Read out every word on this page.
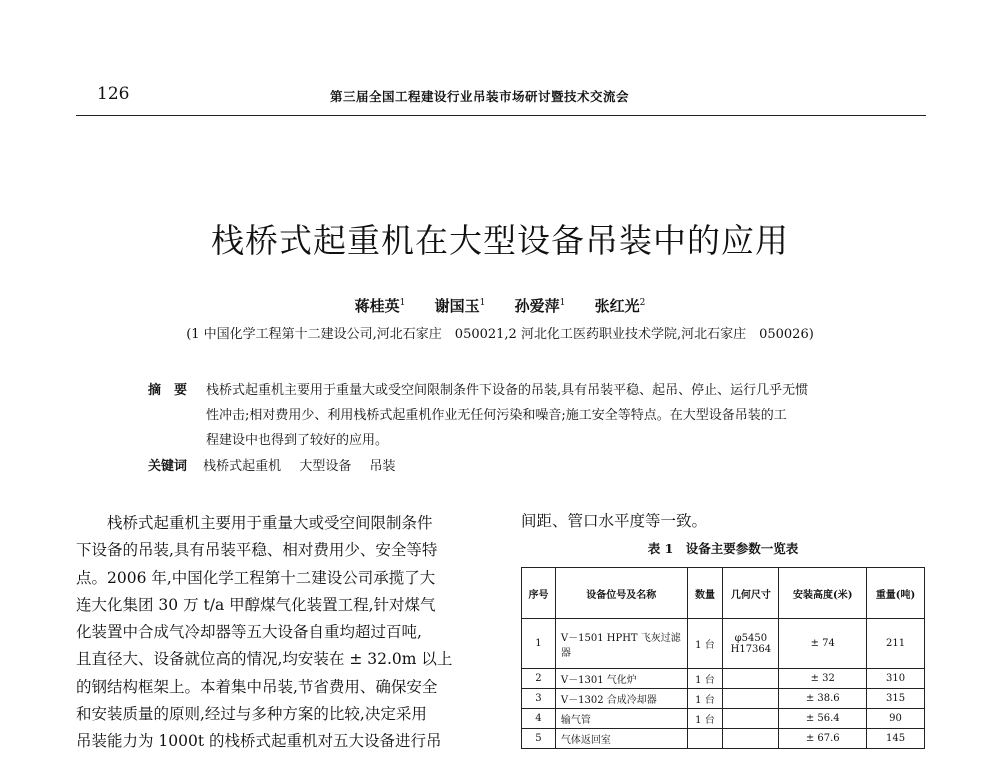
126	第三届全国工程建设行业吊装市场研讨暨技术交流会
栈桥式起重机在大型设备吊装中的应用
蒋桂英$^1$ 谢国玉$^1$ 孙爱萍$^1$ 张红光$^2$
(1 中国化学工程第十二建设公司,河北石家庄　050021,2 河北化工医药职业技术学院,河北石家庄　050026)
摘　要 栈桥式起重机主要用于重量大或受空间限制条件下设备的吊装,具有吊装平稳、起吊、停止、运行几乎无惯
性冲击;相对费用少、利用栈桥式起重机作业无任何污染和噪音;施工安全等特点。在大型设备吊装的工
程建设中也得到了较好的应用。
关键词 栈桥式起重机 大型设备 吊装
　　栈桥式起重机主要用于重量大或受空间限制条件
下设备的吊装,具有吊装平稳、相对费用少、安全等特
点。2006 年,中国化学工程第十二建设公司承揽了大
连大化集团 30 万 t/a 甲醇煤气化装置工程,针对煤气
化装置中合成气冷却器等五大设备自重均超过百吨,
且直径大、设备就位高的情况,均安装在 ± 32.0m 以上
的钢结构框架上。本着集中吊装,节省费用、确保安全
和安装质量的原则,经过与多种方案的比较,决定采用
吊装能力为 1000t 的栈桥式起重机对五大设备进行吊
间距、管口水平度等一致。
表 1　设备主要参数一览表
序号	设备位号及名称	数量	几何尺寸	安装高度(米)	重量(吨)
1	V－1501 HPHT 飞灰过滤器	1 台	φ5450
H17364	± 74	211
2	V－1301 气化炉	1 台		± 32	310
3	V－1302 合成冷却器	1 台		± 38.6	315
4	输气管	1 台		± 56.4	90
5	气体返回室			± 67.6	145
